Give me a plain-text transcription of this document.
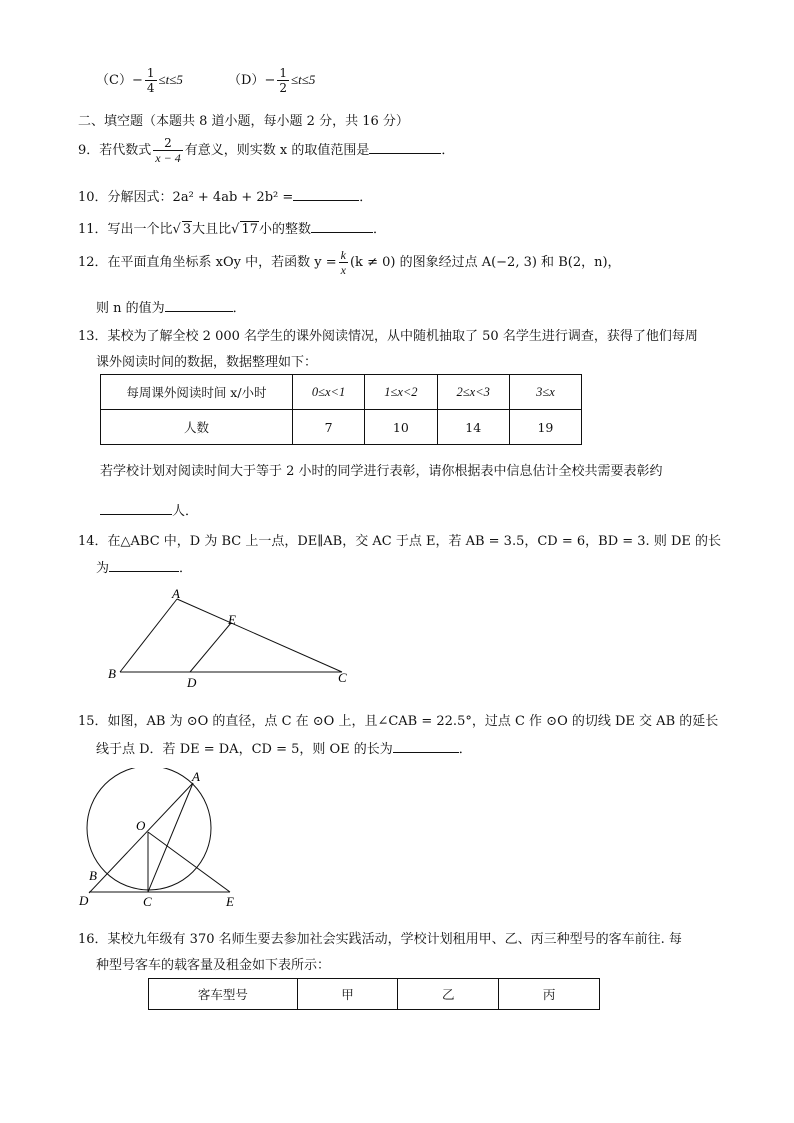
$(C)- \frac{1}{4} \le t\le 5$	$(D)- \frac{1}{2} \le t\le 5$
二、填空题（本题共 8 道小题，每小题 2 分，共 16 分）
9．若代数式 $\frac{2}{x - 4}$ 有意义，则实数 x 的取值范围是	．
10．分解因式：2a² + 4ab + 2b² =	．
11．写出一个比√ 3大且比√ 17小的整数	．
12．在平面直角坐标系 xOy 中，若函数 $y = \frac{k}{x} (k \ne 0)$ 的图象经过点 A(−2, 3) 和 B(2，n)，
则 n 的值为	．
13．某校为了解全校 2 000 名学生的课外阅读情况，从中随机抽取了 50 名学生进行调查，获得了他们每周
课外阅读时间的数据，数据整理如下：
每周课外阅读时间 x/小时	0≤x<1	1≤x<2	2≤x<3	3≤x
人数	7	10	14	19
若学校计划对阅读时间大于等于 2 小时的同学进行表彰，请你根据表中信息估计全校共需要表彰约
人．
14．在△ABC 中，D 为 BC 上一点，DE∥AB，交 AC 于点 E，若 AB = 3.5，CD = 6，BD = 3. 则 DE 的长
为	．
A
E
B
D	C
15．如图，AB 为 ⊙O 的直径，点 C 在 ⊙O 上，且∠CAB = 22.5°，过点 C 作 ⊙O 的切线 DE 交 AB 的延长
线于点 D．若 DE = DA，CD = 5，则 OE 的长为	．
A
O
B
D	C	E
16．某校九年级有 370 名师生要去参加社会实践活动，学校计划租用甲、乙、丙三种型号的客车前往. 每
种型号客车的载客量及租金如下表所示：
客车型号	甲	乙	丙
